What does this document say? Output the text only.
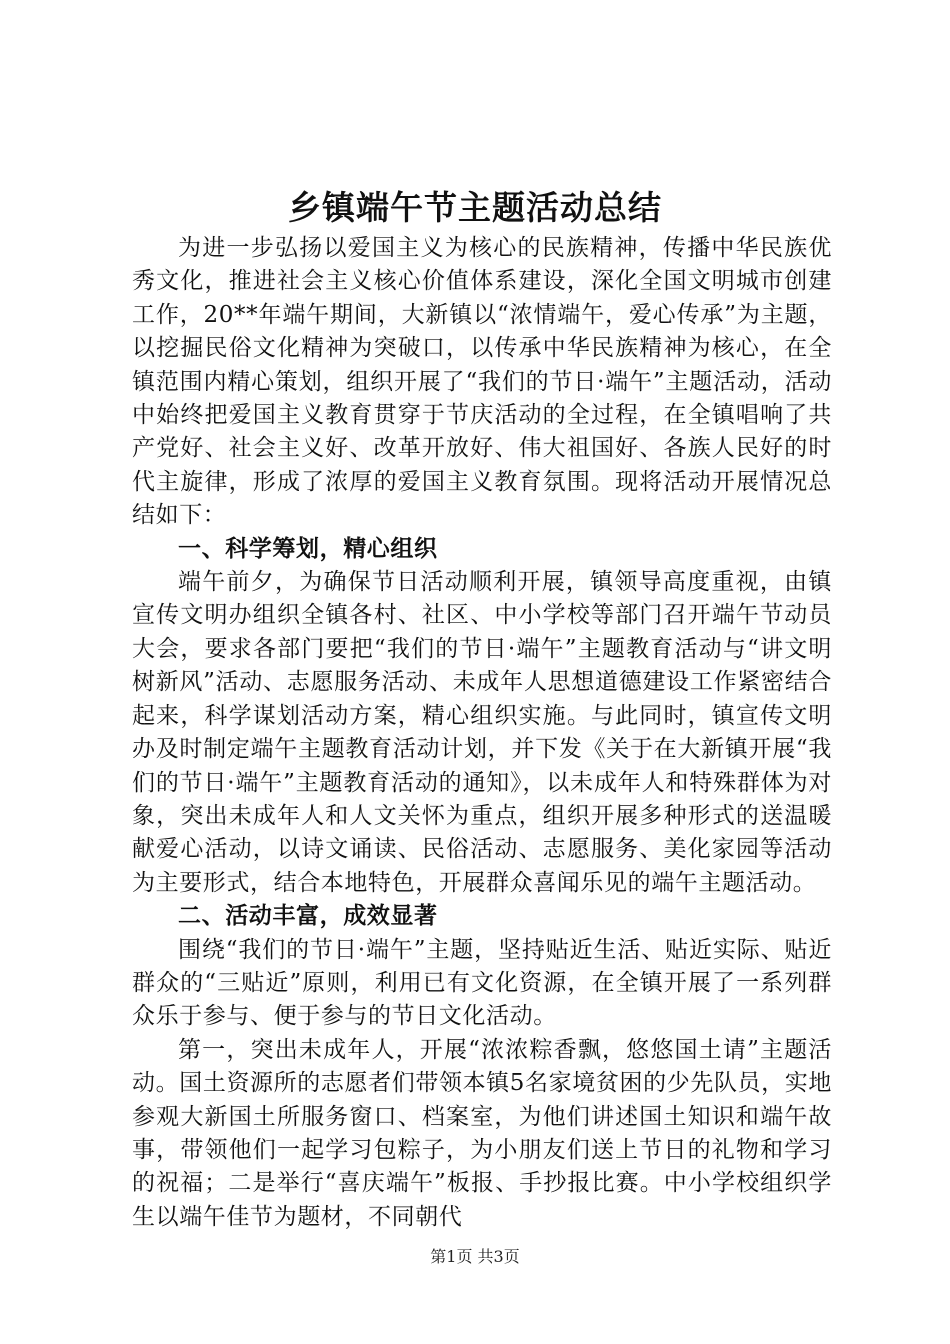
乡镇端午节主题活动总结

为进一步弘扬以爱国主义为核心的民族精神，传播中华民族优秀文化，推进社会主义核心价值体系建设，深化全国文明城市创建工作，20**年端午期间，大新镇以“浓情端午，爱心传承”为主题，以挖掘民俗文化精神为突破口，以传承中华民族精神为核心，在全镇范围内精心策划，组织开展了“我们的节日·端午”主题活动，活动中始终把爱国主义教育贯穿于节庆活动的全过程，在全镇唱响了共产党好、社会主义好、改革开放好、伟大祖国好、各族人民好的时代主旋律，形成了浓厚的爱国主义教育氛围。现将活动开展情况总结如下：

一、科学筹划，精心组织

端午前夕，为确保节日活动顺利开展，镇领导高度重视，由镇宣传文明办组织全镇各村、社区、中小学校等部门召开端午节动员大会，要求各部门要把“我们的节日·端午”主题教育活动与“讲文明树新风”活动、志愿服务活动、未成年人思想道德建设工作紧密结合起来，科学谋划活动方案，精心组织实施。与此同时，镇宣传文明办及时制定端午主题教育活动计划，并下发《关于在大新镇开展“我们的节日·端午”主题教育活动的通知》，以未成年人和特殊群体为对象，突出未成年人和人文关怀为重点，组织开展多种形式的送温暖献爱心活动，以诗文诵读、民俗活动、志愿服务、美化家园等活动为主要形式，结合本地特色，开展群众喜闻乐见的端午主题活动。

二、活动丰富，成效显著

围绕“我们的节日·端午”主题，坚持贴近生活、贴近实际、贴近群众的“三贴近”原则，利用已有文化资源，在全镇开展了一系列群众乐于参与、便于参与的节日文化活动。

第一，突出未成年人，开展“浓浓粽香飘，悠悠国土请”主题活动。国土资源所的志愿者们带领本镇5名家境贫困的少先队员，实地参观大新国土所服务窗口、档案室，为他们讲述国土知识和端午故事，带领他们一起学习包粽子，为小朋友们送上节日的礼物和学习的祝福；二是举行“喜庆端午”板报、手抄报比赛。中小学校组织学生以端午佳节为题材，不同朝代

第1页 共3页
